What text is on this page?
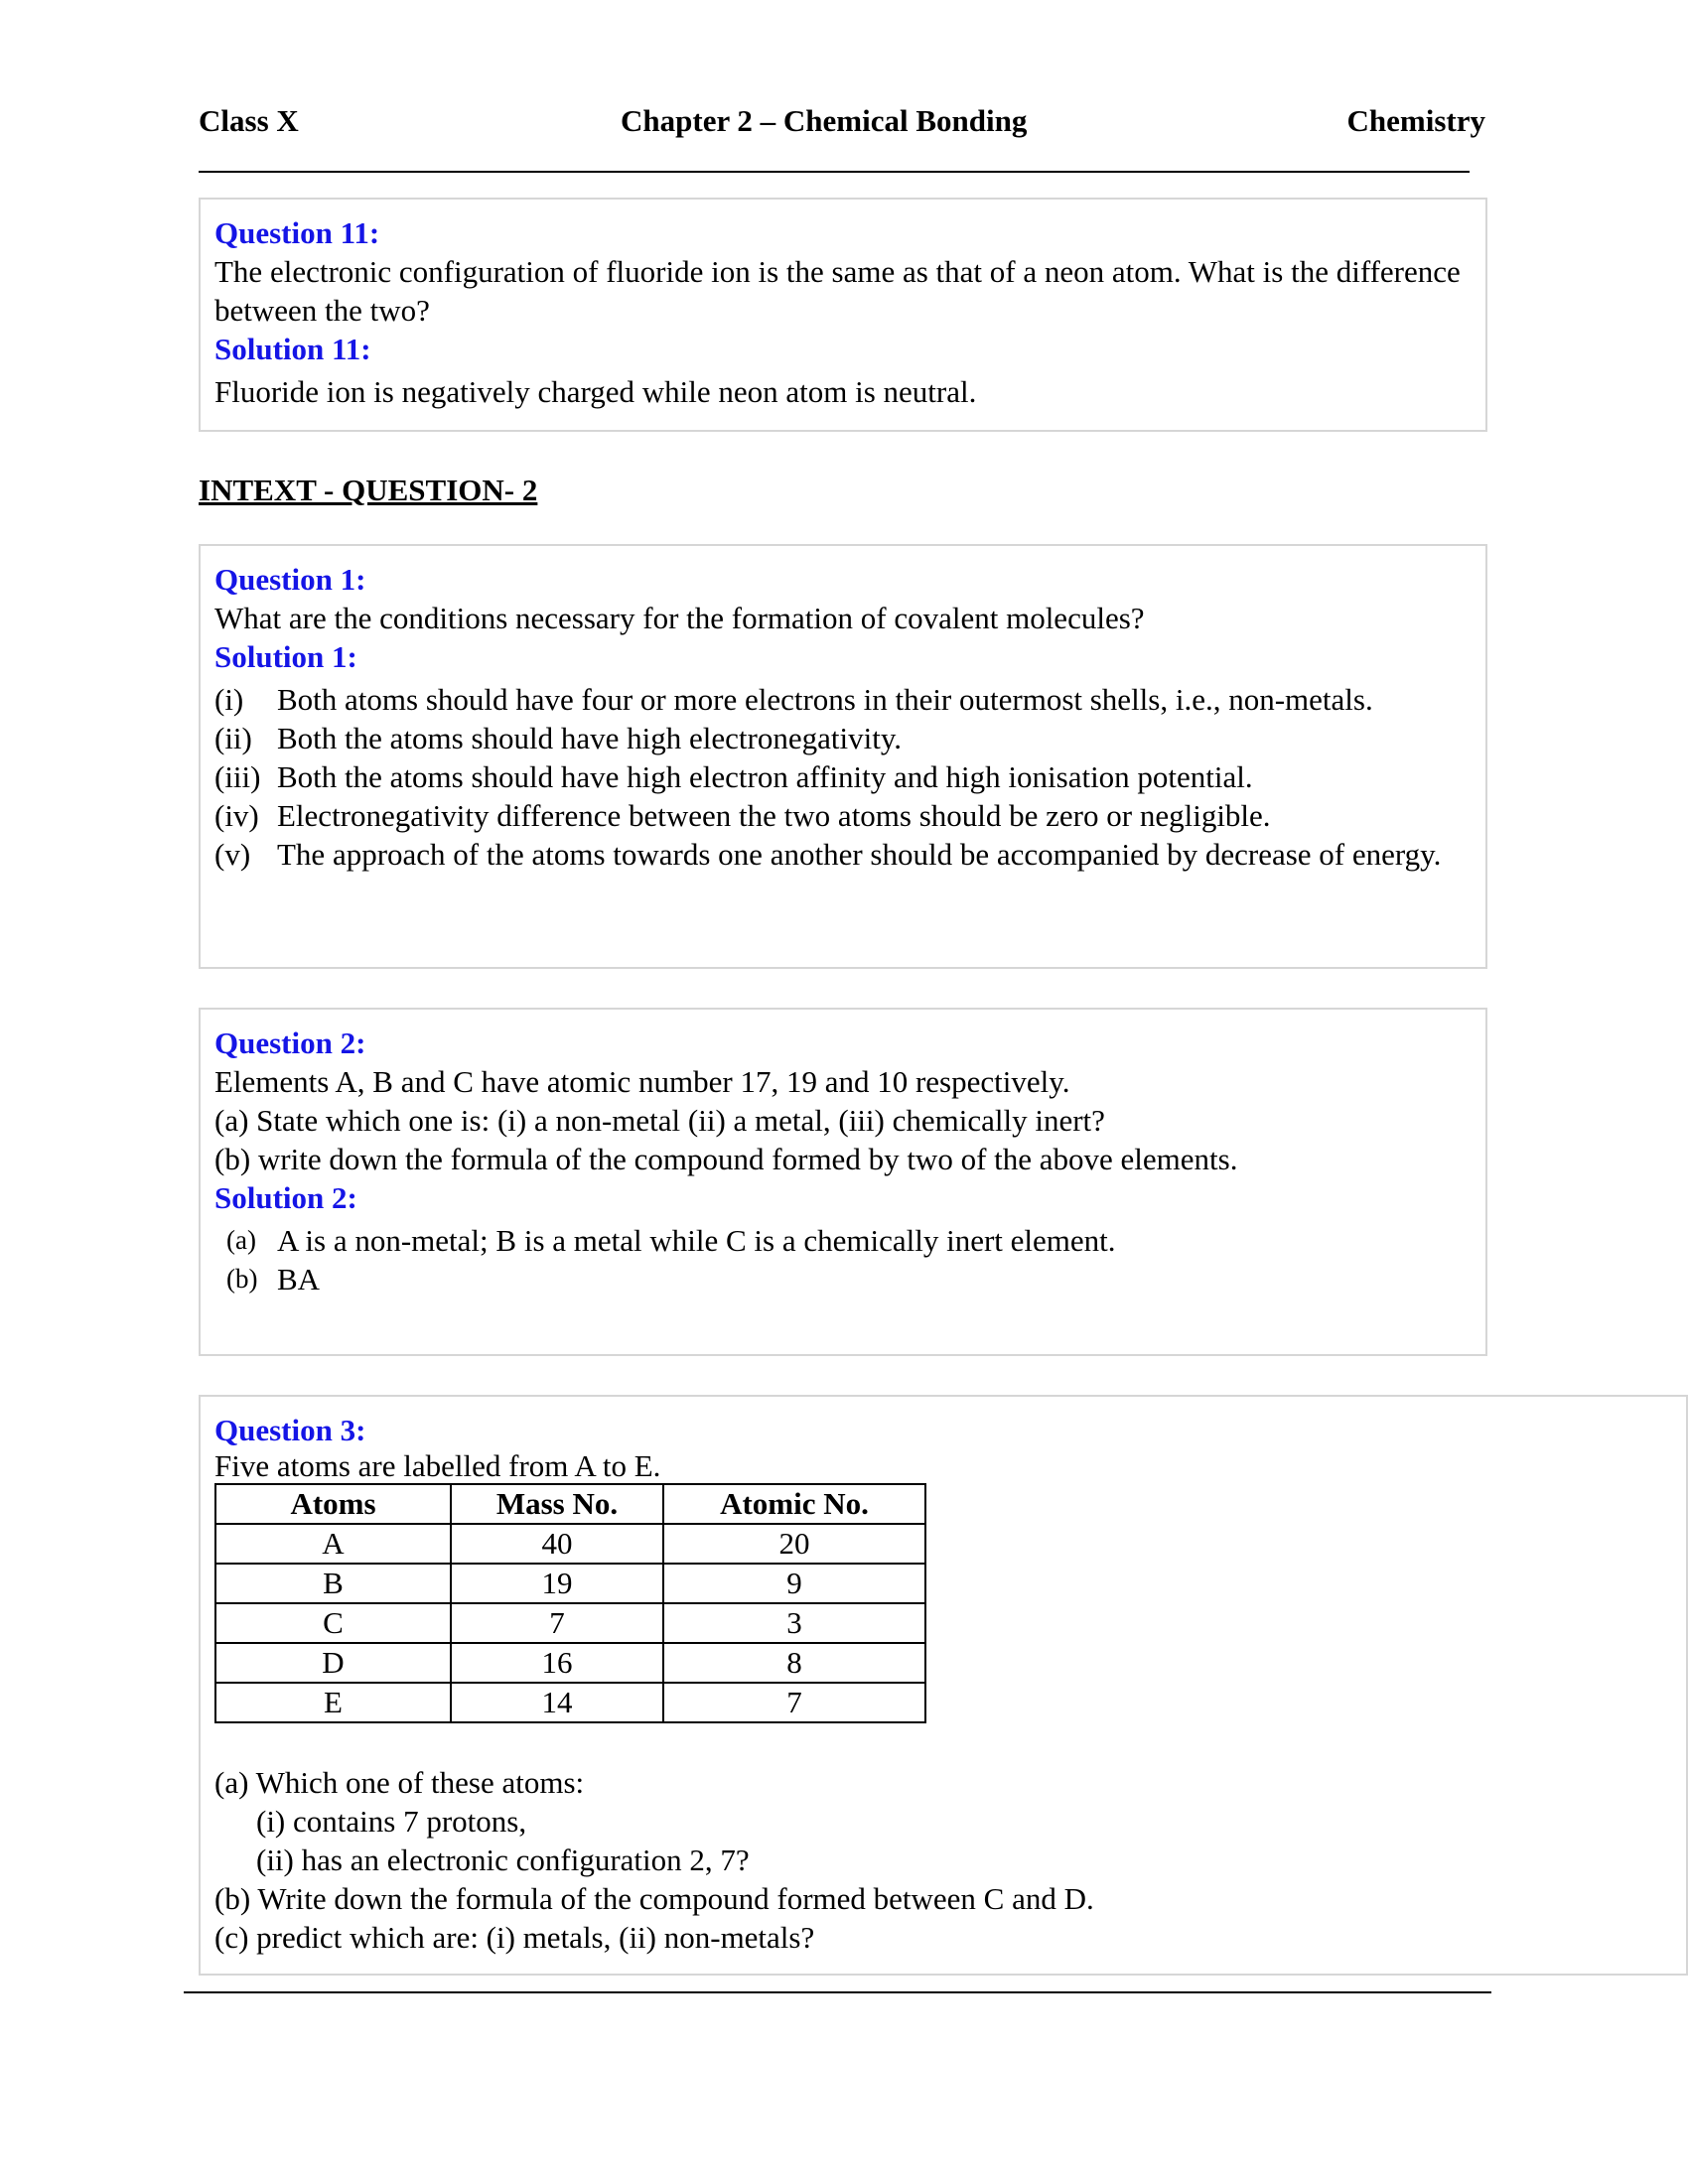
Class X	Chapter 2 – Chemical Bonding	Chemistry
Question 11:

The electronic configuration of fluoride ion is the same as that of a neon atom. What is the difference between the two?

Solution 11:

Fluoride ion is negatively charged while neon atom is neutral.

INTEXT - QUESTION- 2
Question 1:

What are the conditions necessary for the formation of covalent molecules?

Solution 1:
(i)	Both atoms should have four or more electrons in their outermost shells, i.e., non-metals.
(ii) Both the atoms should have high electronegativity.
(iii) Both the atoms should have high electron affinity and high ionisation potential.
(iv) Electronegativity difference between the two atoms should be zero or negligible.
(v) The approach of the atoms towards one another should be accompanied by decrease of energy.
Question 2:

Elements A, B and C have atomic number 17, 19 and 10 respectively.

(a) State which one is: (i) a non-metal (ii) a metal, (iii) chemically inert?

(b) write down the formula of the compound formed by two of the above elements.

Solution 2:
(a) A is a non-metal; B is a metal while C is a chemically inert element.
(b) BA
Question 3:

Five atoms are labelled from A to E.

Atoms	Mass No.	Atomic No.
A	40	20
B	19	9
C	7	3
D	16	8
E	14	7

(a) Which one of these atoms:

(i) contains 7 protons,

(ii) has an electronic configuration 2, 7?

(b) Write down the formula of the compound formed between C and D.

(c) predict which are: (i) metals, (ii) non-metals?
